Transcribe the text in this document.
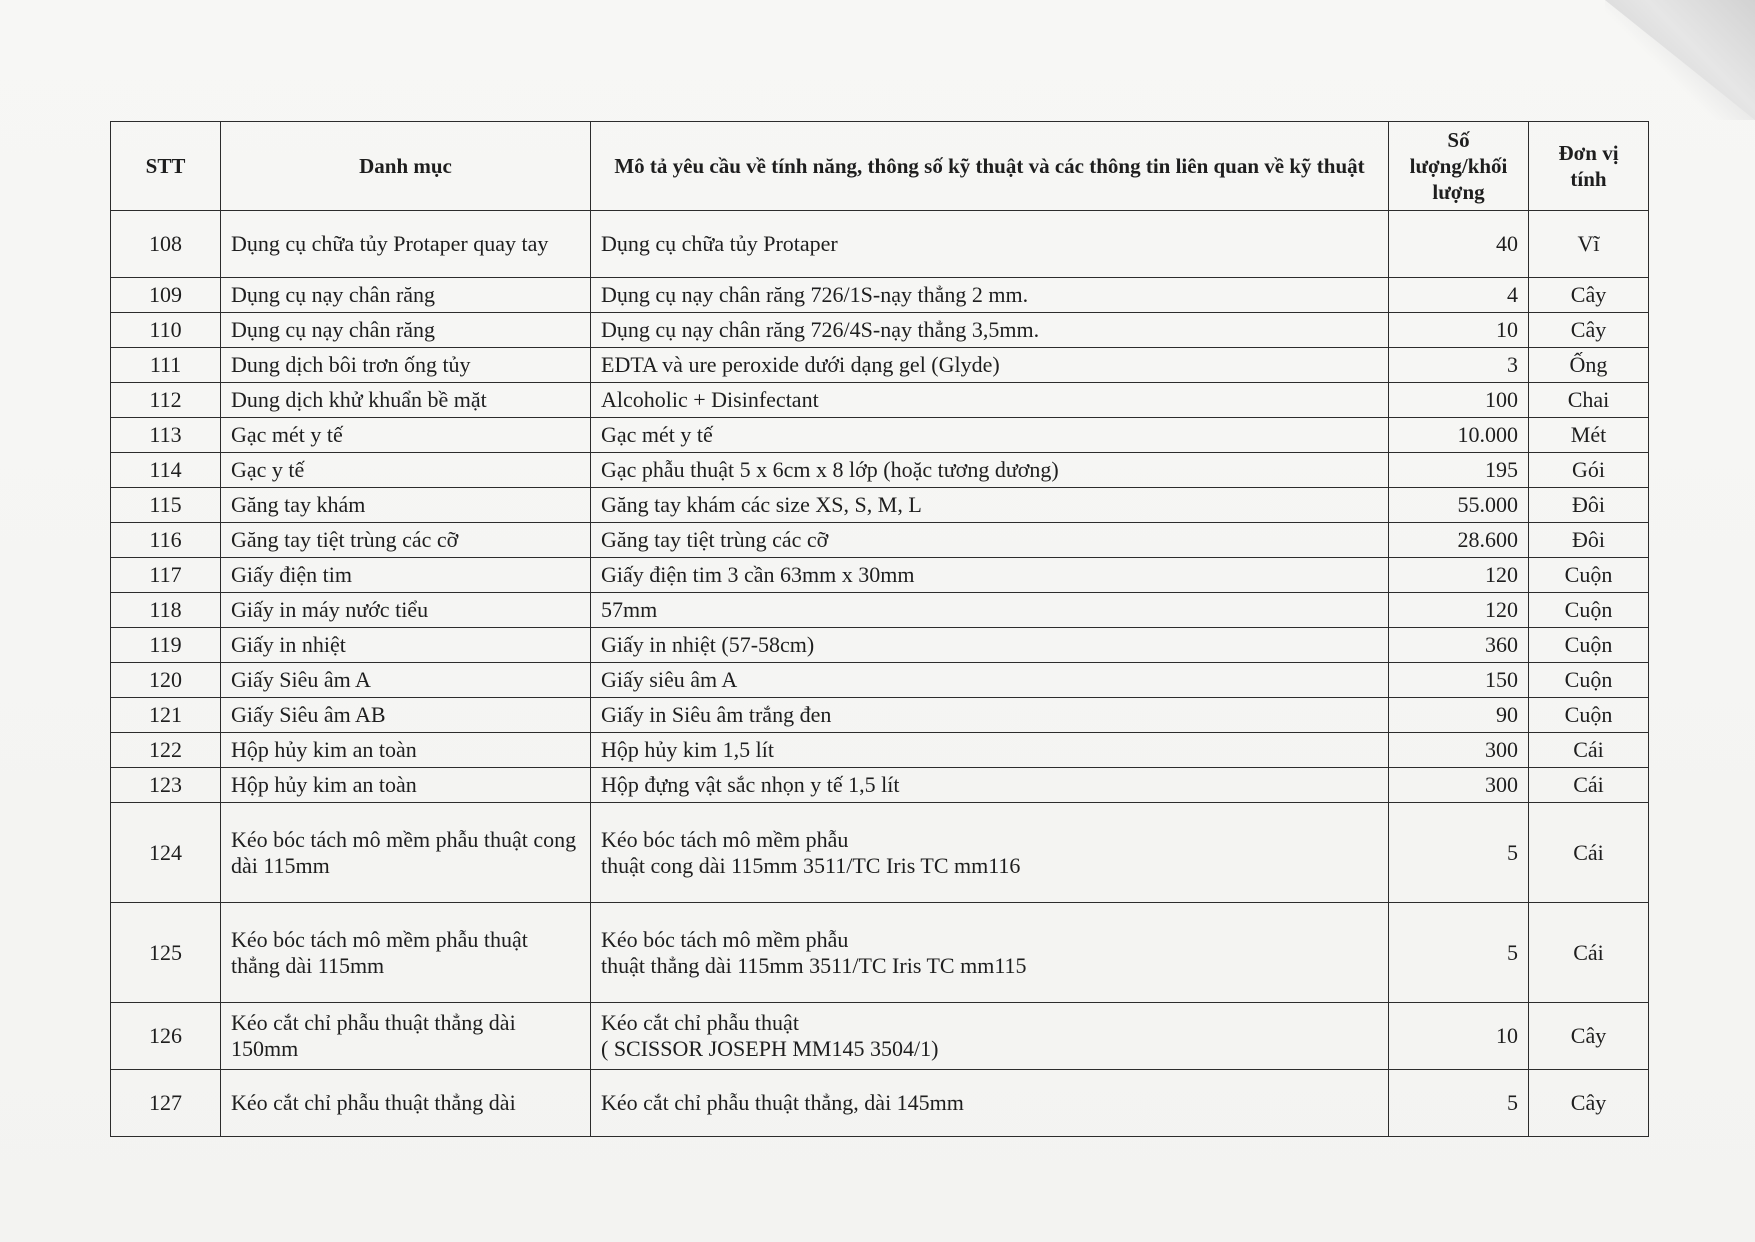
STT	Danh mục	Mô tả yêu cầu về tính năng, thông số kỹ thuật và các thông tin liên quan về kỹ thuật	Số lượng/khối lượng	Đơn vị tính
108	Dụng cụ chữa tủy Protaper quay tay	Dụng cụ chữa tủy Protaper	40	Vĩ
109	Dụng cụ nạy chân răng	Dụng cụ nạy chân răng 726/1S-nạy thẳng 2 mm.	4	Cây
110	Dụng cụ nạy chân răng	Dụng cụ nạy chân răng 726/4S-nạy thẳng 3,5mm.	10	Cây
111	Dung dịch bôi trơn ống tủy	EDTA và ure peroxide dưới dạng gel (Glyde)	3	Ống
112	Dung dịch khử khuẩn bề mặt	Alcoholic + Disinfectant	100	Chai
113	Gạc mét y tế	Gạc mét y tế	10.000	Mét
114	Gạc y tế	Gạc phẫu thuật 5 x 6cm x 8 lớp (hoặc tương dương)	195	Gói
115	Găng tay khám	Găng tay khám các size XS, S, M, L	55.000	Đôi
116	Găng tay tiệt trùng các cỡ	Găng tay tiệt trùng các cỡ	28.600	Đôi
117	Giấy điện tim	Giấy điện tim 3 cần 63mm x 30mm	120	Cuộn
118	Giấy in máy nước tiểu	57mm	120	Cuộn
119	Giấy in nhiệt	Giấy in nhiệt (57-58cm)	360	Cuộn
120	Giấy Siêu âm A	Giấy siêu âm A	150	Cuộn
121	Giấy Siêu âm AB	Giấy in Siêu âm trắng đen	90	Cuộn
122	Hộp hủy kim an toàn	Hộp hủy kim 1,5 lít	300	Cái
123	Hộp hủy kim an toàn	Hộp đựng vật sắc nhọn y tế 1,5 lít	300	Cái
124	Kéo bóc tách mô mềm phẫu thuật cong dài 115mm	Kéo bóc tách mô mềm phẫu
thuật cong dài 115mm 3511/TC Iris TC mm116	5	Cái
125	Kéo bóc tách mô mềm phẫu thuật thẳng dài 115mm	Kéo bóc tách mô mềm phẫu
thuật thẳng dài 115mm 3511/TC Iris TC mm115	5	Cái
126	Kéo cắt chỉ phẫu thuật thẳng dài 150mm	Kéo cắt chỉ phẫu thuật
( SCISSOR JOSEPH MM145 3504/1)	10	Cây
127	Kéo cắt chỉ phẫu thuật thẳng dài	Kéo cắt chỉ phẫu thuật thẳng, dài 145mm	5	Cây
